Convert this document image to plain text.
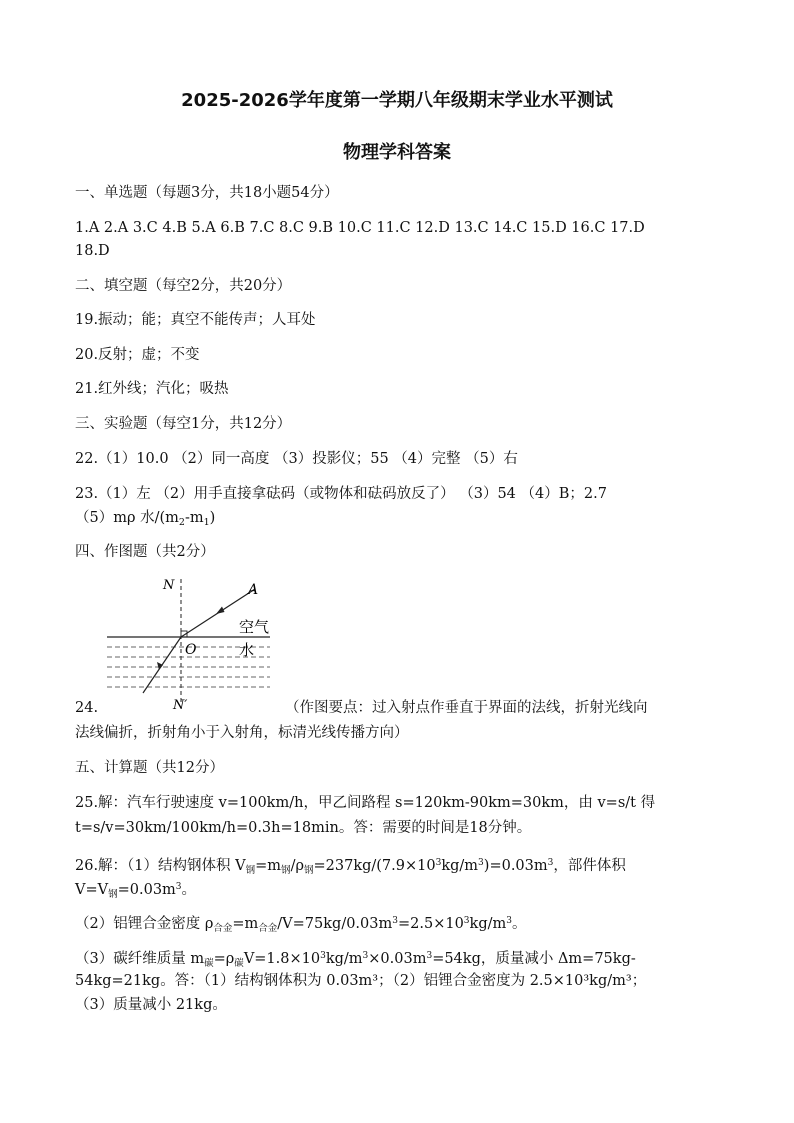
2025-2026学年度第一学期八年级期末学业水平测试
物理学科答案
一、单选题（每题3分，共18小题54分）
1.A 2.A 3.C 4.B 5.A 6.B 7.C 8.C 9.B 10.C 11.C 12.D 13.C 14.C 15.D 16.C 17.D
18.D
二、填空题（每空2分，共20分）
19.振动；能；真空不能传声；人耳处
20.反射；虚；不变
21.红外线；汽化；吸热
三、实验题（每空1分，共12分）
22.（1）10.0 （2）同一高度 （3）投影仪；55 （4）完整 （5）右
23.（1）左 （2）用手直接拿砝码（或物体和砝码放反了） （3）54 （4）B；2.7
（5）mρ 水$/(m_2-m_1)$
四、作图题（共2分）
N	A
空气
O	水
N′
24.	（作图要点：过入射点作垂直于界面的法线，折射光线向
法线偏折，折射角小于入射角，标清光线传播方向）
五、计算题（共12分）
25.解：汽车行驶速度 v=100km/h，甲乙间路程 s=120km-90km=30km，由 v=s/t 得
t=s/v=30km/100km/h=0.3h=18min。答：需要的时间是18分钟。
26.解：（1）结构钢体积 $V_钢=m_钢/\rho_钢=237kg/(7.9\times 10^3kg/m^3)=0.03m^3$，部件体积
$V=V_钢=0.03m^3$。
（2）铝锂合金密度 $\rho_{合金}=m_{合金}/V=75kg/0.03m^3=2.5\times 10^3kg/m^3$。
（3）碳纤维质量 $m_碳=\rho_碳V=1.8\times 10^3kg/m^3\times 0.03m^3=54kg$，质量减小 Δm=75kg-
54kg=21kg。答：（1）结构钢体积为 0.03m³；（2）铝锂合金密度为 2.5×10³kg/m³；
（3）质量减小 21kg。
